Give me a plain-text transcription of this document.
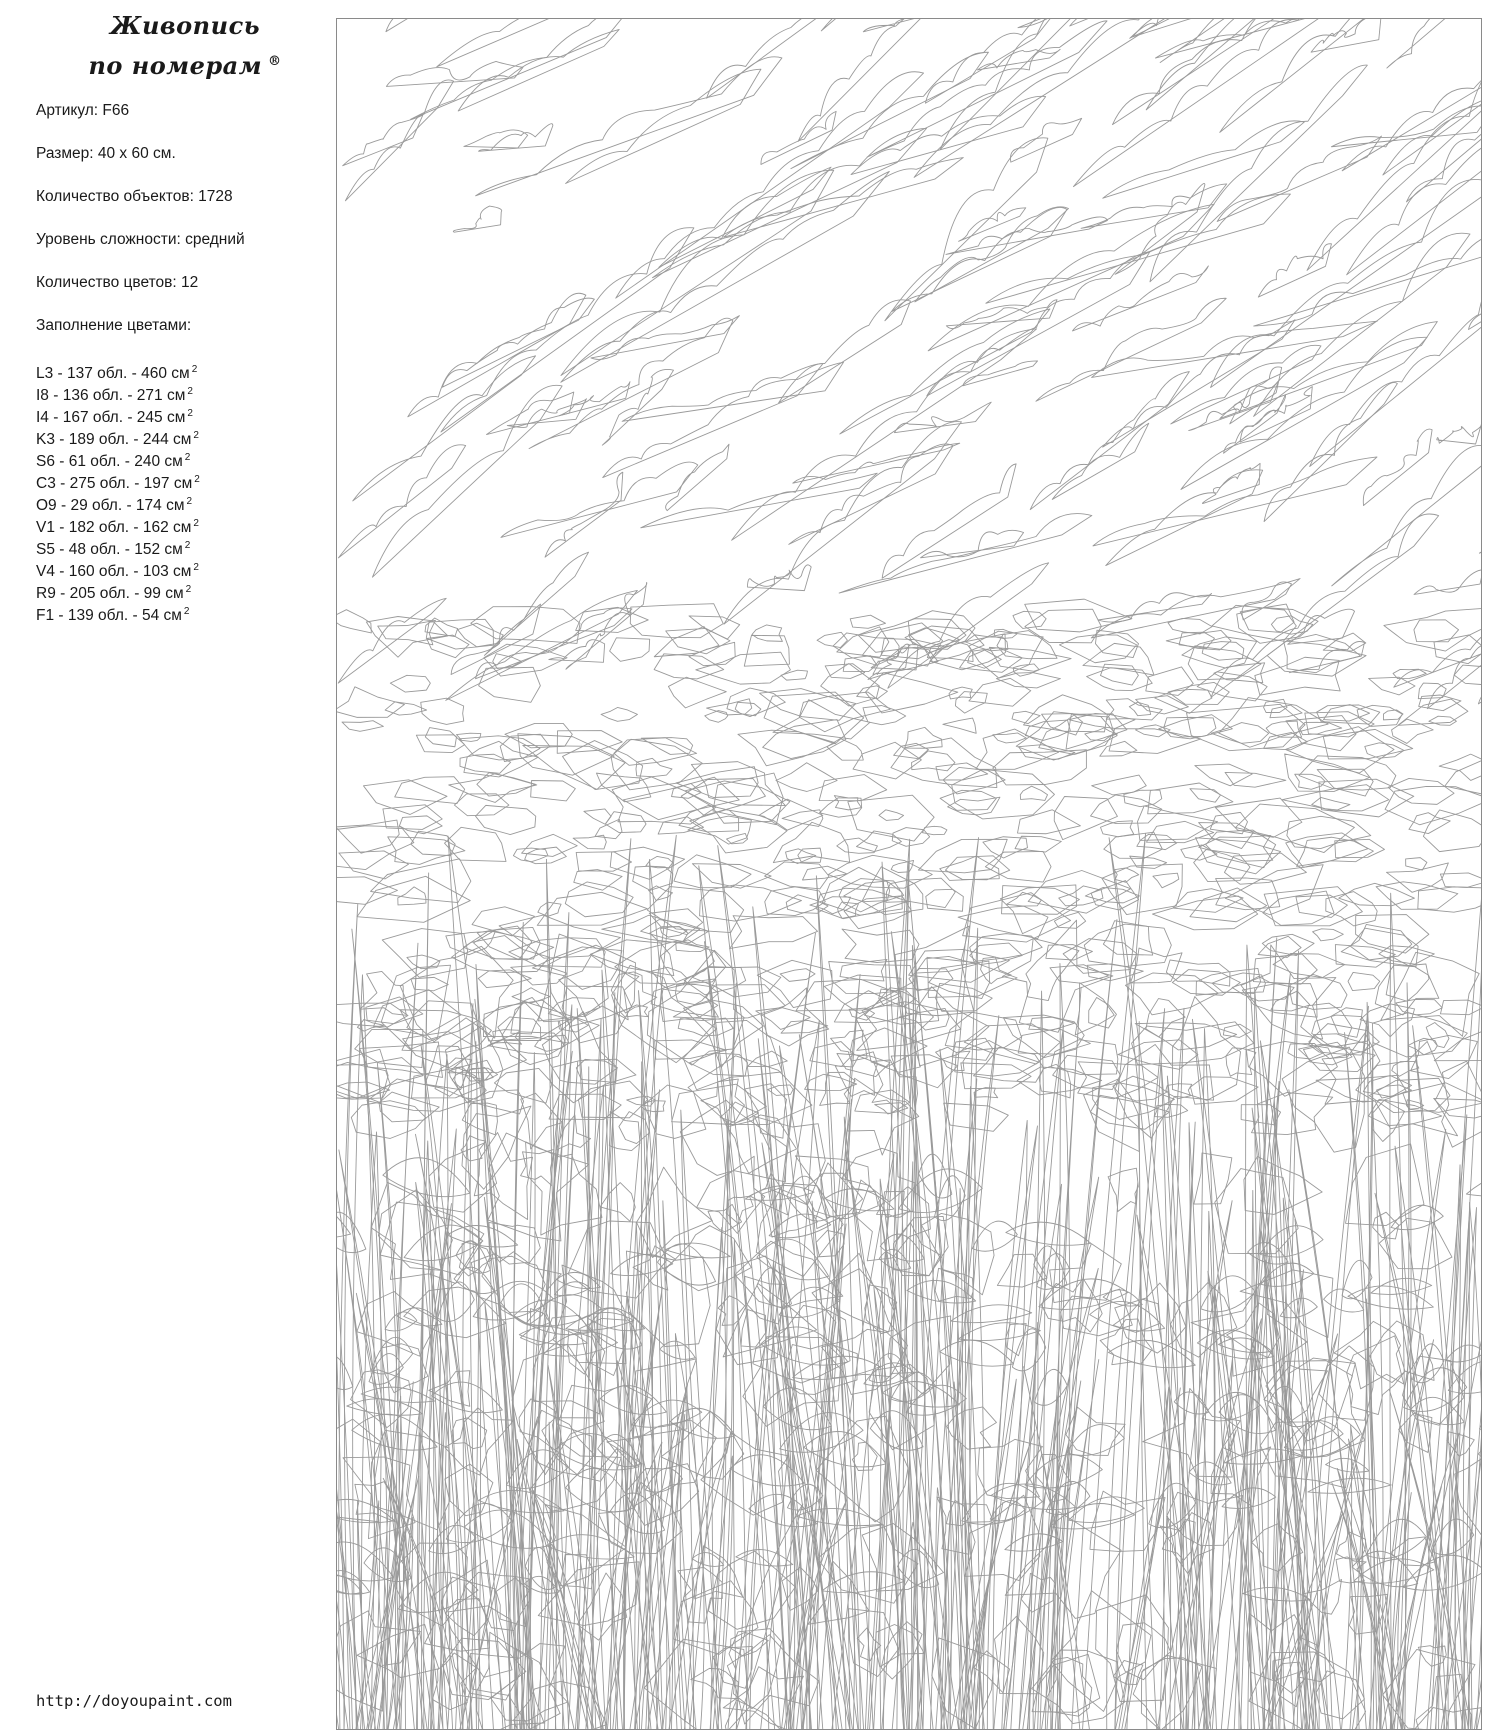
Живопись
по номерам ®
Артикул: F66
Размер: 40 х 60 см.
Количество объектов: 1728
Уровень сложности: средний
Количество цветов: 12
Заполнение цветами:
L3 - 137 обл. - 460 см $^2$
I8 - 136 обл. - 271 см $^2$
I4 - 167 обл. - 245 см $^2$
K3 - 189 обл. - 244 см $^2$
S6 - 61 обл. - 240 см $^2$
C3 - 275 обл. - 197 см $^2$
O9 - 29 обл. - 174 см $^2$
V1 - 182 обл. - 162 см $^2$
S5 - 48 обл. - 152 см $^2$
V4 - 160 обл. - 103 см $^2$
R9 - 205 обл. - 99 см $^2$
F1 - 139 обл. - 54 см $^2$
http://doyoupaint.com
